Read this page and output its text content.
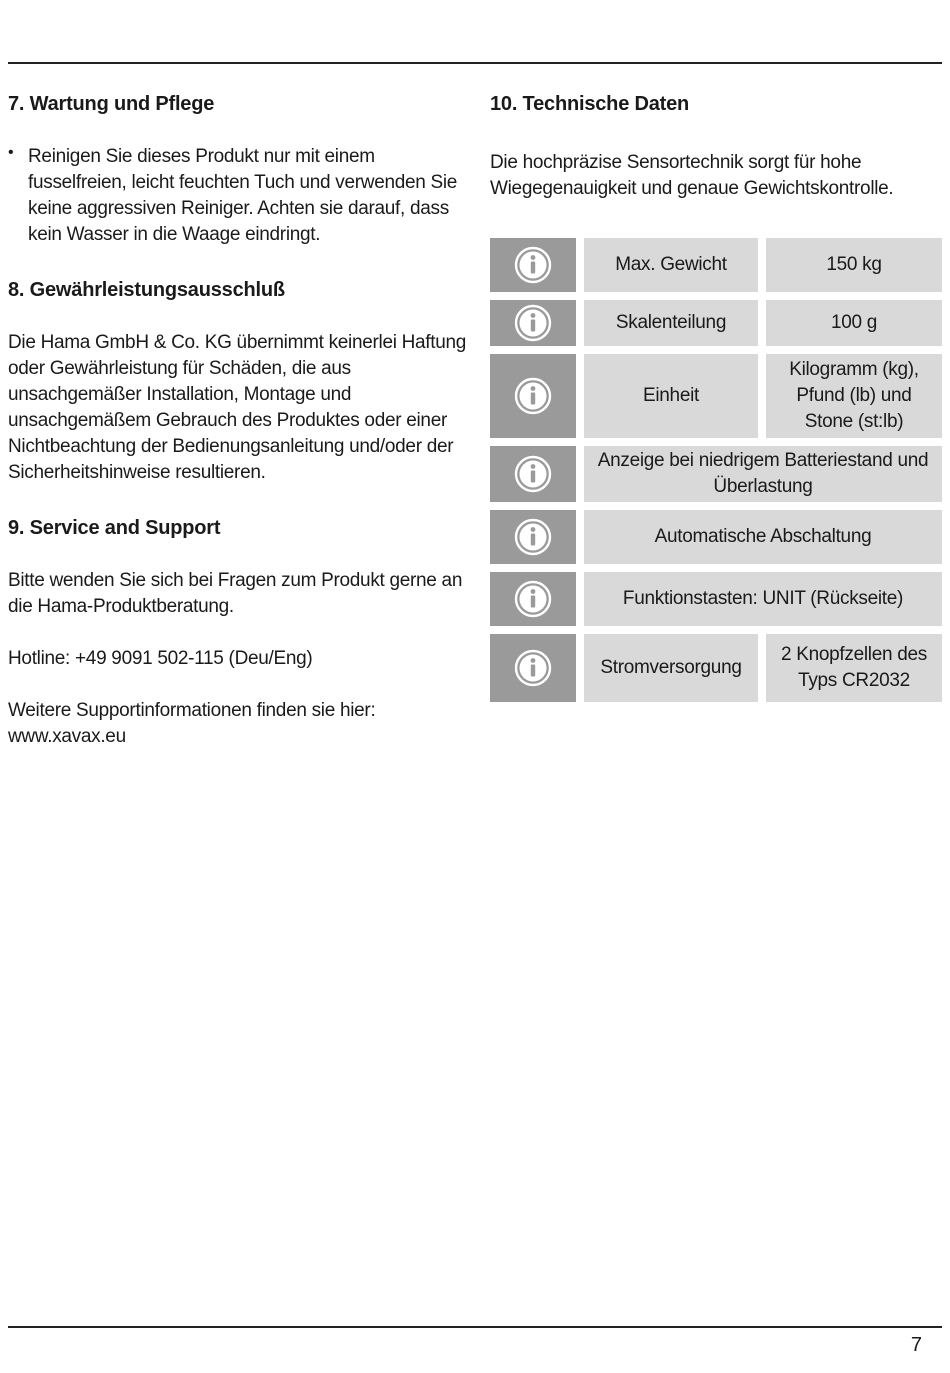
7. Wartung und Pflege
• Reinigen Sie dieses Produkt nur mit einem fusselfreien, leicht feuchten Tuch und verwenden Sie keine aggressiven Reiniger. Achten sie darauf, dass kein Wasser in die Waage eindringt.

8. Gewährleistungsausschluß

Die Hama GmbH & Co. KG übernimmt keinerlei Haftung oder Gewährleistung für Schäden, die aus unsachgemäßer Installation, Montage und unsachgemäßem Gebrauch des Produktes oder einer Nichtbeachtung der Bedienungsanleitung und/oder der Sicherheitshinweise resultieren.

9. Service and Support

Bitte wenden Sie sich bei Fragen zum Produkt gerne an die Hama-Produktberatung.

Hotline: +49 9091 502-115 (Deu/Eng)

Weitere Supportinformationen finden sie hier:

www.xavax.eu

10. Technische Daten

Die hochpräzise Sensortechnik sorgt für hohe Wiegegenauigkeit und genaue Gewichtskontrolle.

Max. Gewicht	150 kg
Skalenteilung	100 g
Einheit
Kilogramm (kg), Pfund (lb) und Stone (st:lb)
Anzeige bei niedrigem Batteriestand und Überlastung
Automatische Abschaltung
Funktionstasten: UNIT (Rückseite)
Stromversorgung
2 Knopfzellen des Typs CR2032
7
